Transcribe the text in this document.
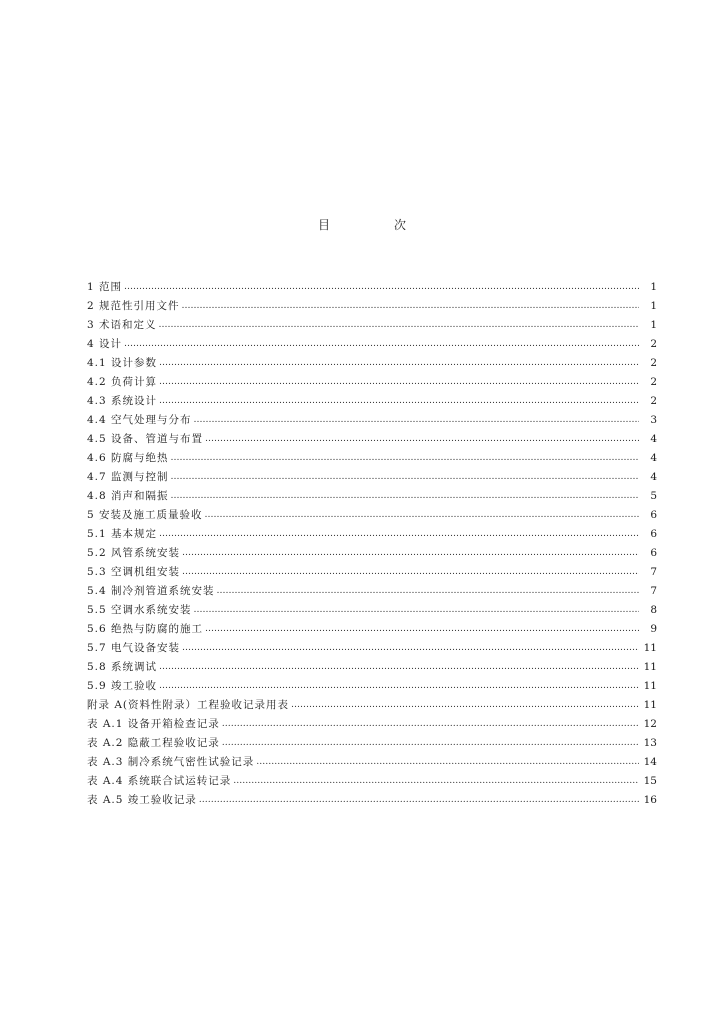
目　次
1 范围 …………………………………………………………………………………………………………………………………………………………………………………………………………………………………………	1
2 规范性引用文件 …………………………………………………………………………………………………………………………………………………………………………………………………………………………………………	1
3 术语和定义 …………………………………………………………………………………………………………………………………………………………………………………………………………………………………………	1
4 设计 …………………………………………………………………………………………………………………………………………………………………………………………………………………………………………	2
4.1 设计参数 …………………………………………………………………………………………………………………………………………………………………………………………………………………………………………	2
4.2 负荷计算 …………………………………………………………………………………………………………………………………………………………………………………………………………………………………………	2
4.3 系统设计 …………………………………………………………………………………………………………………………………………………………………………………………………………………………………………	2
4.4 空气处理与分布 …………………………………………………………………………………………………………………………………………………………………………………………………………………………………………	3
4.5 设备、管道与布置 …………………………………………………………………………………………………………………………………………………………………………………………………………………………………………	4
4.6 防腐与绝热 …………………………………………………………………………………………………………………………………………………………………………………………………………………………………………	4
4.7 监测与控制 …………………………………………………………………………………………………………………………………………………………………………………………………………………………………………	4
4.8 消声和隔振 …………………………………………………………………………………………………………………………………………………………………………………………………………………………………………	5
5 安装及施工质量验收 …………………………………………………………………………………………………………………………………………………………………………………………………………………………………………	6
5.1 基本规定 …………………………………………………………………………………………………………………………………………………………………………………………………………………………………………	6
5.2 风管系统安装 …………………………………………………………………………………………………………………………………………………………………………………………………………………………………………	6
5.3 空调机组安装 …………………………………………………………………………………………………………………………………………………………………………………………………………………………………………	7
5.4 制冷剂管道系统安装 …………………………………………………………………………………………………………………………………………………………………………………………………………………………………………	7
5.5 空调水系统安装 …………………………………………………………………………………………………………………………………………………………………………………………………………………………………………	8
5.6 绝热与防腐的施工 …………………………………………………………………………………………………………………………………………………………………………………………………………………………………………	9
5.7 电气设备安装 …………………………………………………………………………………………………………………………………………………………………………………………………………………………………………	11
5.8 系统调试 …………………………………………………………………………………………………………………………………………………………………………………………………………………………………………	11
5.9 竣工验收 …………………………………………………………………………………………………………………………………………………………………………………………………………………………………………	11
附录 A(资料性附录）工程验收记录用表 …………………………………………………………………………………………………………………………………………………………………………………………………………………………………………	11
表 A.1 设备开箱检查记录 …………………………………………………………………………………………………………………………………………………………………………………………………………………………………………	12
表 A.2 隐蔽工程验收记录 …………………………………………………………………………………………………………………………………………………………………………………………………………………………………………	13
表 A.3 制冷系统气密性试验记录 …………………………………………………………………………………………………………………………………………………………………………………………………………………………………………	14
表 A.4 系统联合试运转记录 …………………………………………………………………………………………………………………………………………………………………………………………………………………………………………	15
表 A.5 竣工验收记录 …………………………………………………………………………………………………………………………………………………………………………………………………………………………………………	16
